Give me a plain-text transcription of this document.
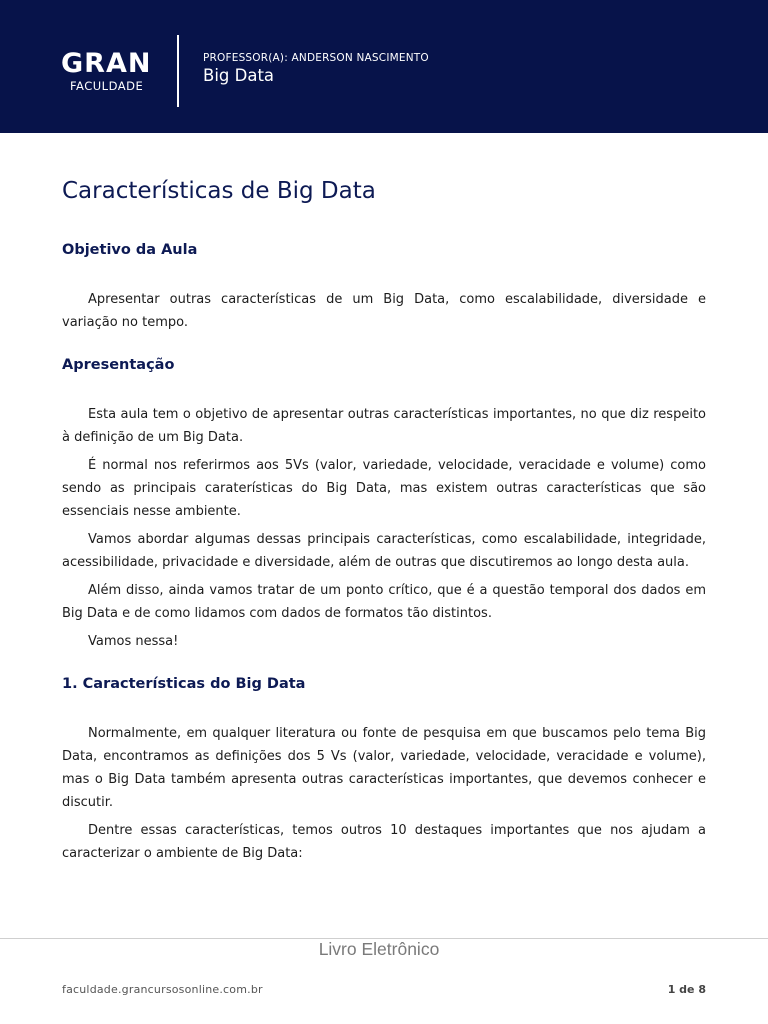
GRAN
FACULDADE
PROFESSOR(A): ANDERSON NASCIMENTO
Big Data
Características de Big Data
Objetivo da Aula

Apresentar outras características de um Big Data, como escalabilidade, diversidade e variação no tempo.

Apresentação

Esta aula tem o objetivo de apresentar outras características importantes, no que diz respeito à definição de um Big Data.

É normal nos referirmos aos 5Vs (valor, variedade, velocidade, veracidade e volume) como sendo as principais caraterísticas do Big Data, mas existem outras características que são essenciais nesse ambiente.

Vamos abordar algumas dessas principais características, como escalabilidade, integridade, acessibilidade, privacidade e diversidade, além de outras que discutiremos ao longo desta aula.

Além disso, ainda vamos tratar de um ponto crítico, que é a questão temporal dos dados em Big Data e de como lidamos com dados de formatos tão distintos.

Vamos nessa!

1. Características do Big Data

Normalmente, em qualquer literatura ou fonte de pesquisa em que buscamos pelo tema Big Data, encontramos as definições dos 5 Vs (valor, variedade, velocidade, veracidade e volume), mas o Big Data também apresenta outras características importantes, que devemos conhecer e discutir.

Dentre essas características, temos outros 10 destaques importantes que nos ajudam a caracterizar o ambiente de Big Data:

Livro Eletrônico
faculdade.grancursosonline.com.br	1 de 8
